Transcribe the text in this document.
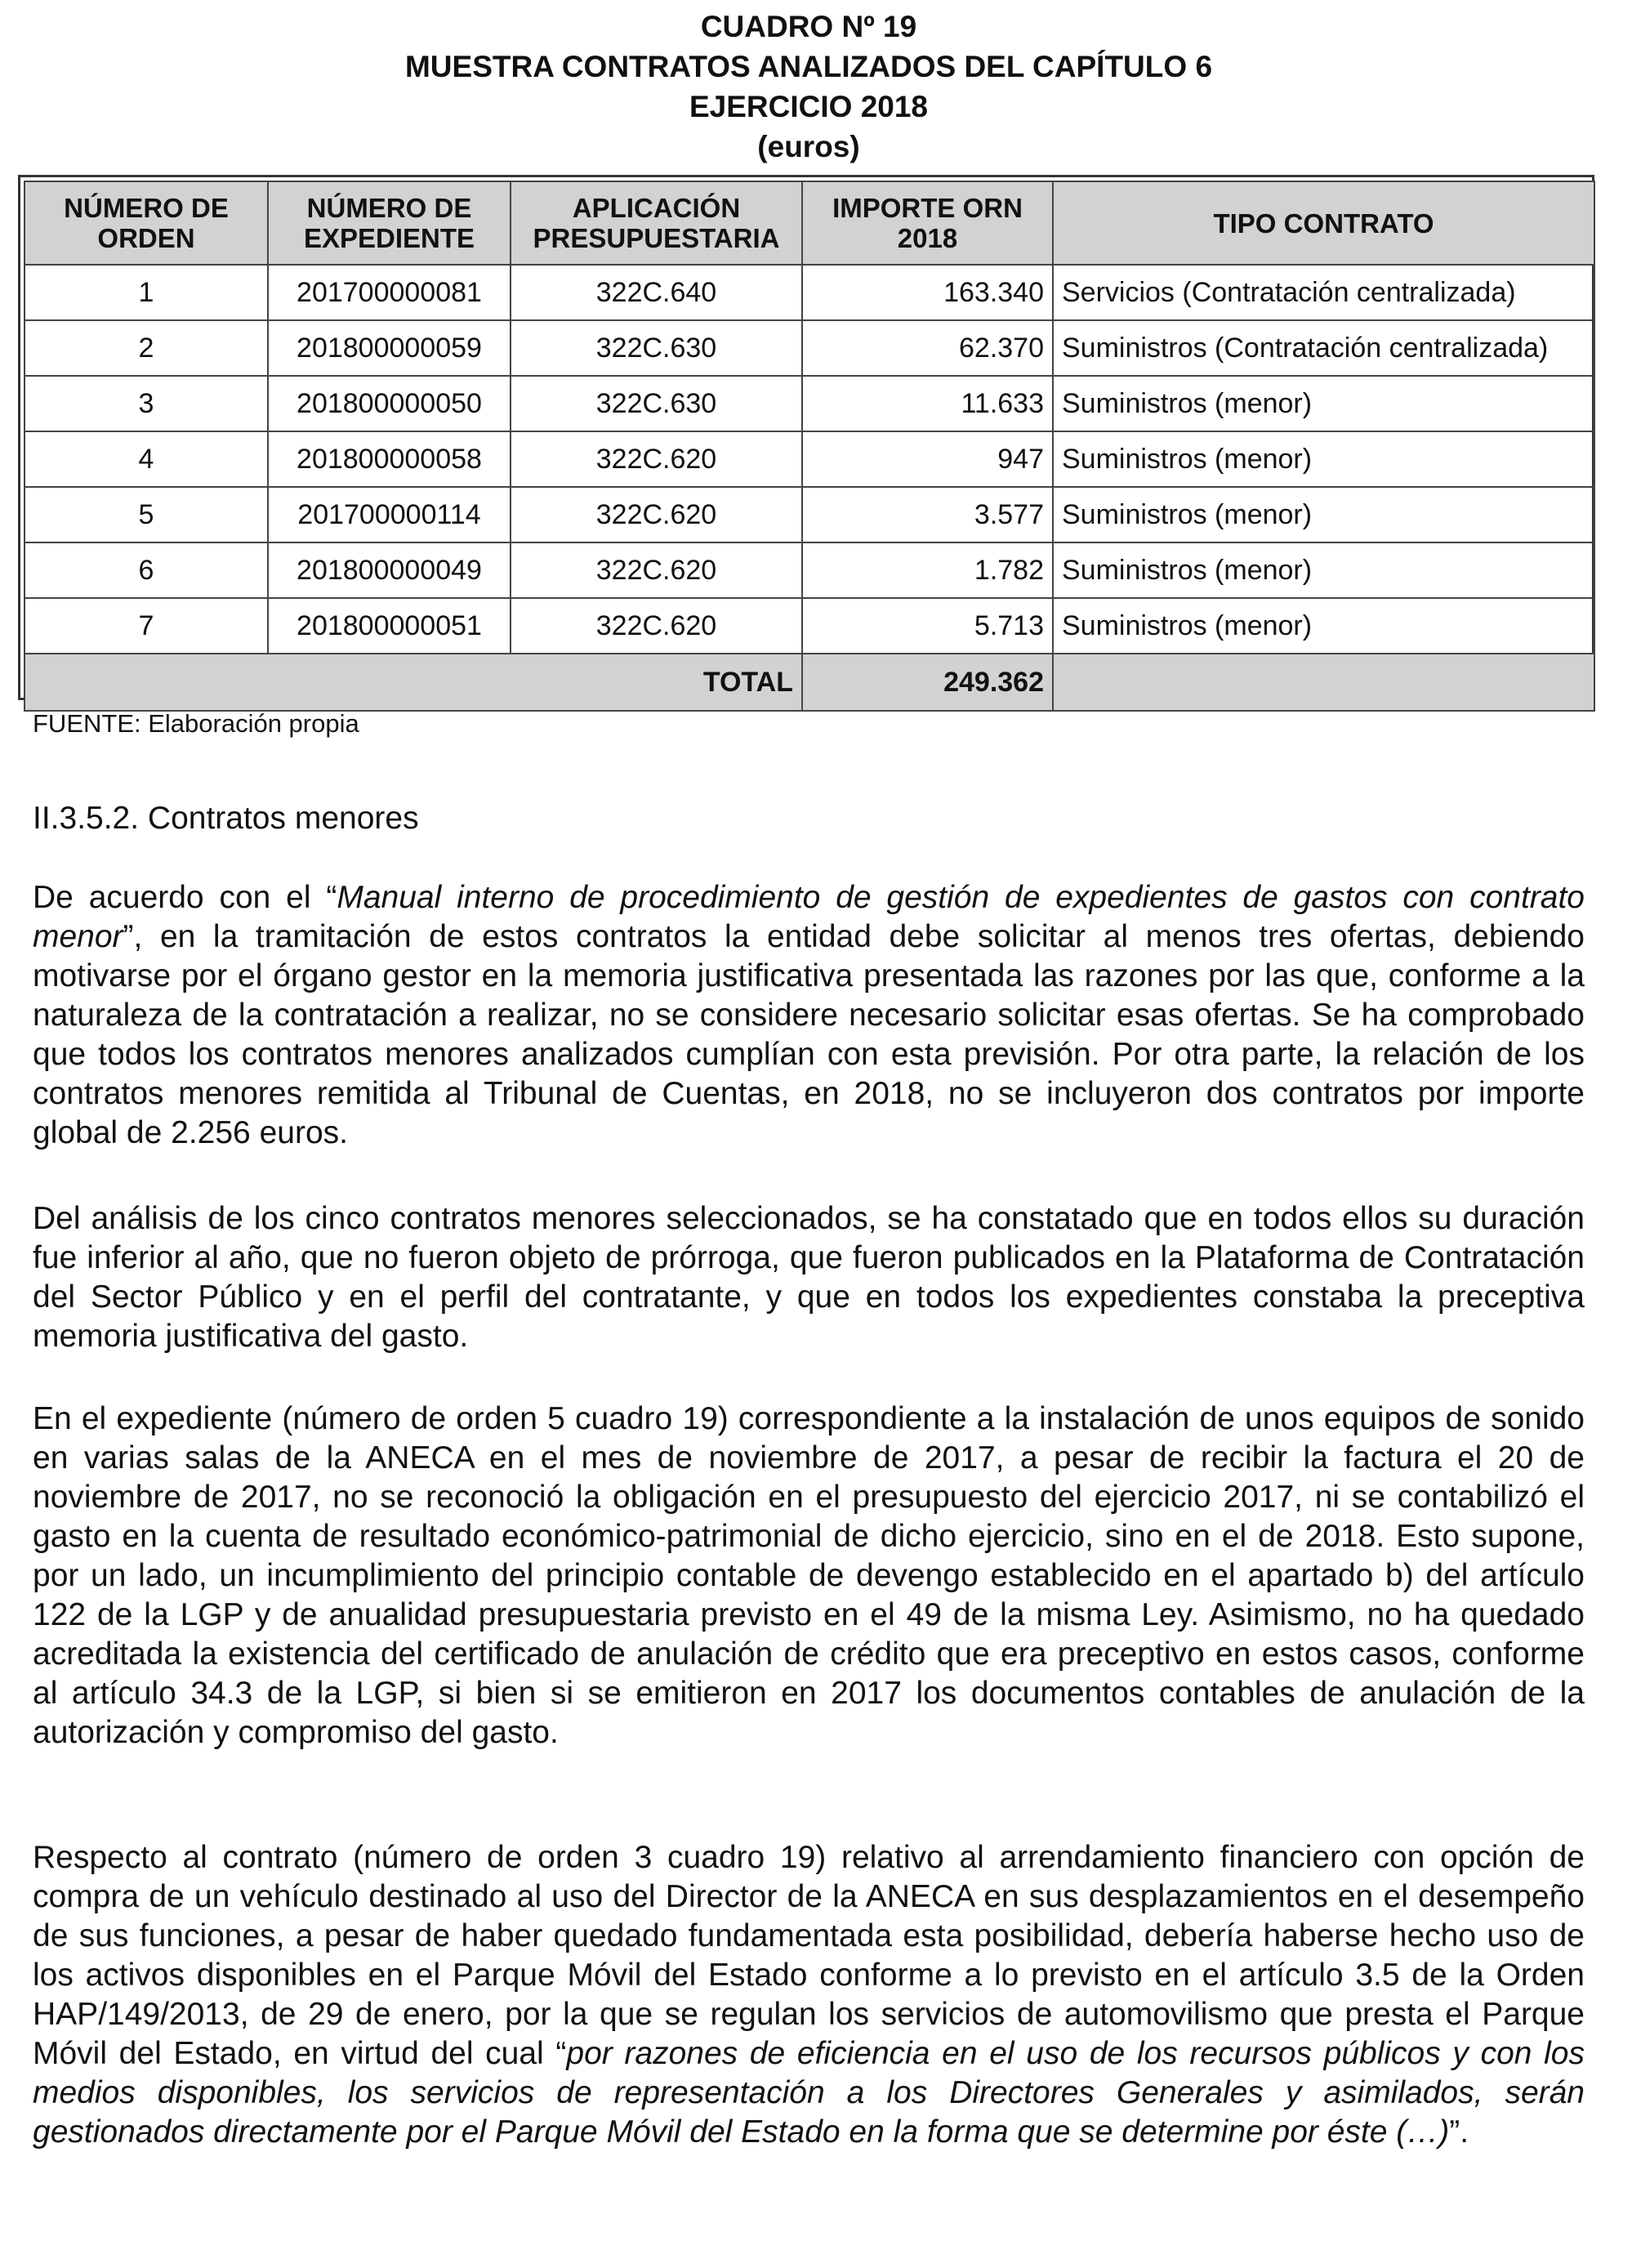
CUADRO Nº 19
MUESTRA CONTRATOS ANALIZADOS DEL CAPÍTULO 6
EJERCICIO 2018
(euros)
NÚMERO DE ORDEN	NÚMERO DE EXPEDIENTE	APLICACIÓN PRESUPUESTARIA	IMPORTE ORN 2018	TIPO CONTRATO
1	201700000081	322C.640	163.340	Servicios (Contratación centralizada)
2	201800000059	322C.630	62.370	Suministros (Contratación centralizada)
3	201800000050	322C.630	11.633	Suministros (menor)
4	201800000058	322C.620	947	Suministros (menor)
5	201700000114	322C.620	3.577	Suministros (menor)
6	201800000049	322C.620	1.782	Suministros (menor)
7	201800000051	322C.620	5.713	Suministros (menor)
		TOTAL	249.362	
FUENTE: Elaboración propia
II.3.5.2. Contratos menores

De acuerdo con el “Manual interno de procedimiento de gestión de expedientes de gastos con contrato menor”, en la tramitación de estos contratos la entidad debe solicitar al menos tres ofertas, debiendo motivarse por el órgano gestor en la memoria justificativa presentada las razones por las que, conforme a la naturaleza de la contratación a realizar, no se considere necesario solicitar esas ofertas. Se ha comprobado que todos los contratos menores analizados cumplían con esta previsión. Por otra parte, la relación de los contratos menores remitida al Tribunal de Cuentas, en 2018, no se incluyeron dos contratos por importe global de 2.256 euros.

Del análisis de los cinco contratos menores seleccionados, se ha constatado que en todos ellos su duración fue inferior al año, que no fueron objeto de prórroga, que fueron publicados en la Plataforma de Contratación del Sector Público y en el perfil del contratante, y que en todos los expedientes constaba la preceptiva memoria justificativa del gasto.

En el expediente (número de orden 5 cuadro 19) correspondiente a la instalación de unos equipos de sonido en varias salas de la ANECA en el mes de noviembre de 2017, a pesar de recibir la factura el 20 de noviembre de 2017, no se reconoció la obligación en el presupuesto del ejercicio 2017, ni se contabilizó el gasto en la cuenta de resultado económico-patrimonial de dicho ejercicio, sino en el de 2018. Esto supone, por un lado, un incumplimiento del principio contable de devengo establecido en el apartado b) del artículo 122 de la LGP y de anualidad presupuestaria previsto en el 49 de la misma Ley. Asimismo, no ha quedado acreditada la existencia del certificado de anulación de crédito que era preceptivo en estos casos, conforme al artículo 34.3 de la LGP, si bien si se emitieron en 2017 los documentos contables de anulación de la autorización y compromiso del gasto.

Respecto al contrato (número de orden 3 cuadro 19) relativo al arrendamiento financiero con opción de compra de un vehículo destinado al uso del Director de la ANECA en sus desplazamientos en el desempeño de sus funciones, a pesar de haber quedado fundamentada esta posibilidad, debería haberse hecho uso de los activos disponibles en el Parque Móvil del Estado conforme a lo previsto en el artículo 3.5 de la Orden HAP/149/2013, de 29 de enero, por la que se regulan los servicios de automovilismo que presta el Parque Móvil del Estado, en virtud del cual “por razones de eficiencia en el uso de los recursos públicos y con los medios disponibles, los servicios de representación a los Directores Generales y asimilados, serán gestionados directamente por el Parque Móvil del Estado en la forma que se determine por éste (…)”.
